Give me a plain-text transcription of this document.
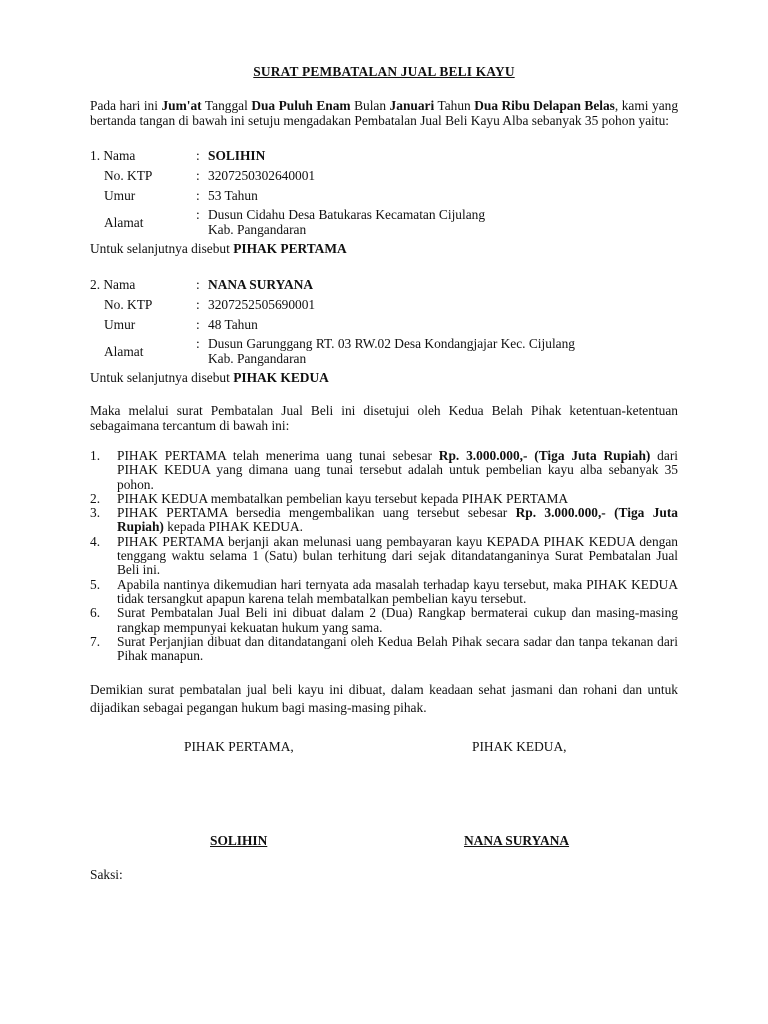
SURAT PEMBATALAN JUAL BELI KAYU

Pada hari ini Jum'at Tanggal Dua Puluh Enam Bulan Januari Tahun Dua Ribu Delapan Belas, kami yang bertanda tangan di bawah ini setuju mengadakan Pembatalan Jual Beli Kayu Alba sebanyak 35 pohon yaitu:

1. Nama	: SOLIHIN
No. KTP	: 3207250302640001
Umur	: 53 Tahun
Alamat	: Dusun Cidahu Desa Batukaras Kecamatan Cijulang
Kab. Pangandaran
Untuk selanjutnya disebut PIHAK PERTAMA
2. Nama	: NANA SURYANA
No. KTP	: 3207252505690001
Umur	: 48 Tahun
Alamat	: Dusun Garunggang RT. 03 RW.02 Desa Kondangjajar Kec. Cijulang
Kab. Pangandaran
Untuk selanjutnya disebut PIHAK KEDUA

Maka melalui surat Pembatalan Jual Beli ini disetujui oleh Kedua Belah Pihak ketentuan-ketentuan sebagaimana tercantum di bawah ini:

1.	PIHAK PERTAMA telah menerima uang tunai sebesar Rp. 3.000.000,- (Tiga Juta Rupiah) dari PIHAK KEDUA yang dimana uang tunai tersebut adalah untuk pembelian kayu alba sebanyak 35 pohon.
2.	PIHAK KEDUA membatalkan pembelian kayu tersebut kepada PIHAK PERTAMA
3.	PIHAK PERTAMA bersedia mengembalikan uang tersebut sebesar Rp. 3.000.000,- (Tiga Juta Rupiah) kepada PIHAK KEDUA.
4.	PIHAK PERTAMA berjanji akan melunasi uang pembayaran kayu KEPADA PIHAK KEDUA dengan tenggang waktu selama 1 (Satu) bulan terhitung dari sejak ditandatanganinya Surat Pembatalan Jual Beli ini.
5.	Apabila nantinya dikemudian hari ternyata ada masalah terhadap kayu tersebut, maka PIHAK KEDUA tidak tersangkut apapun karena telah membatalkan pembelian kayu tersebut.
6.	Surat Pembatalan Jual Beli ini dibuat dalam 2 (Dua) Rangkap bermaterai cukup dan masing-masing rangkap mempunyai kekuatan hukum yang sama.
7.	Surat Perjanjian dibuat dan ditandatangani oleh Kedua Belah Pihak secara sadar dan tanpa tekanan dari Pihak manapun.

Demikian surat pembatalan jual beli kayu ini dibuat, dalam keadaan sehat jasmani dan rohani dan untuk dijadikan sebagai pegangan hukum bagi masing-masing pihak.

PIHAK PERTAMA,	PIHAK KEDUA,
SOLIHIN	NANA SURYANA
Saksi:
